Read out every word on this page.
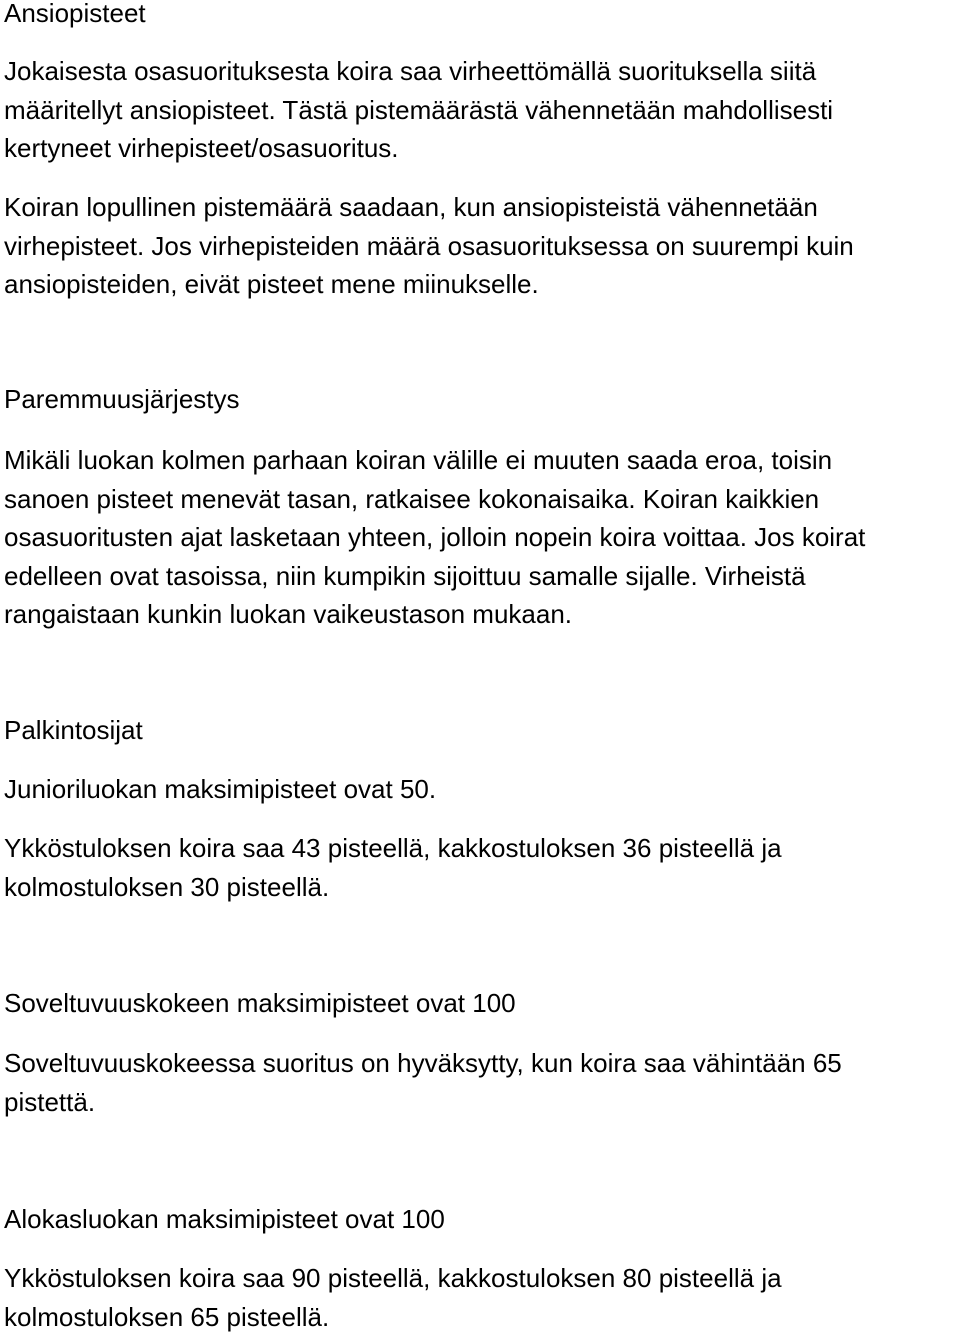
Ansiopisteet

Jokaisesta osasuorituksesta koira saa virheettömällä suorituksella siitä
määritellyt ansiopisteet. Tästä pistemäärästä vähennetään mahdollisesti
kertyneet virhepisteet/osasuoritus.

Koiran lopullinen pistemäärä saadaan, kun ansiopisteistä vähennetään
virhepisteet. Jos virhepisteiden määrä osasuorituksessa on suurempi kuin
ansiopisteiden, eivät pisteet mene miinukselle.

Paremmuusjärjestys

Mikäli luokan kolmen parhaan koiran välille ei muuten saada eroa, toisin
sanoen pisteet menevät tasan, ratkaisee kokonaisaika. Koiran kaikkien
osasuoritusten ajat lasketaan yhteen, jolloin nopein koira voittaa. Jos koirat
edelleen ovat tasoissa, niin kumpikin sijoittuu samalle sijalle. Virheistä
rangaistaan kunkin luokan vaikeustason mukaan.

Palkintosijat

Junioriluokan maksimipisteet ovat 50.

Ykköstuloksen koira saa 43 pisteellä, kakkostuloksen 36 pisteellä ja
kolmostuloksen 30 pisteellä.

Soveltuvuuskokeen maksimipisteet ovat 100

Soveltuvuuskokeessa suoritus on hyväksytty, kun koira saa vähintään 65
pistettä.

Alokasluokan maksimipisteet ovat 100

Ykköstuloksen koira saa 90 pisteellä, kakkostuloksen 80 pisteellä ja
kolmostuloksen 65 pisteellä.
